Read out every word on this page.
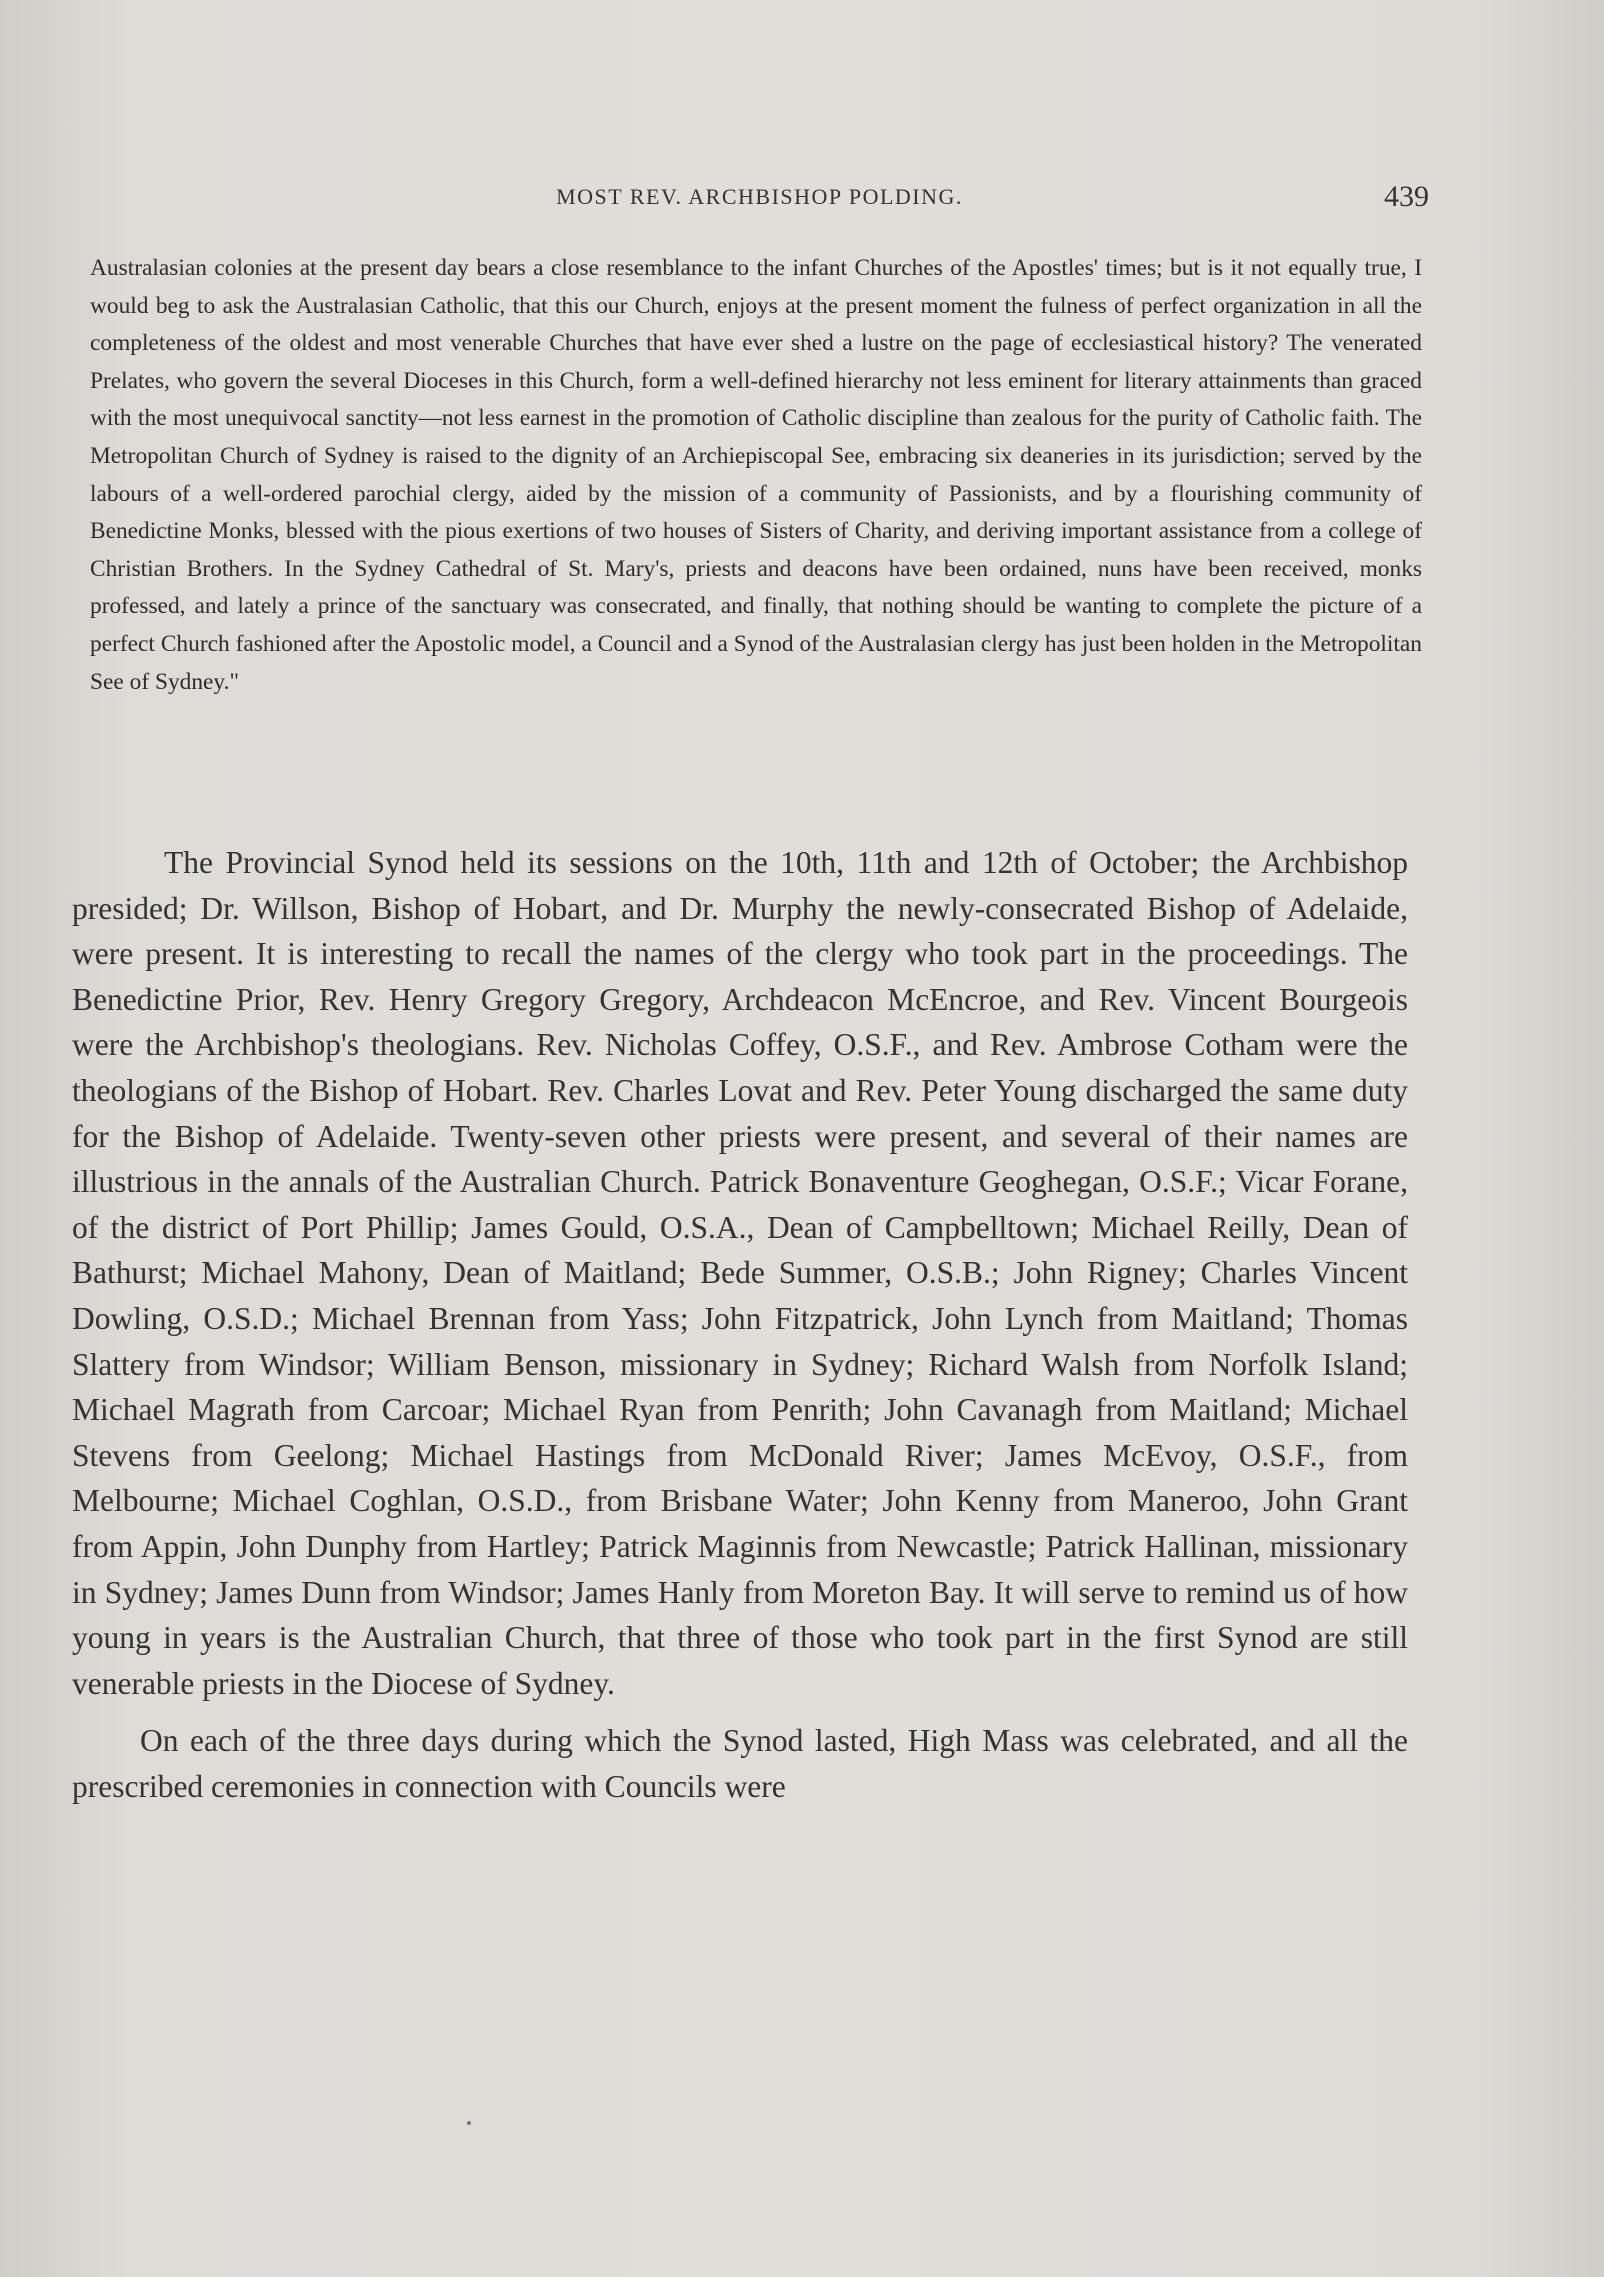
MOST REV. ARCHBISHOP POLDING.	439

Australasian colonies at the present day bears a close resemblance to the infant Churches of the Apostles' times; but is it not equally true, I would beg to ask the Australasian Catholic, that this our Church, enjoys at the present moment the fulness of perfect organization in all the completeness of the oldest and most venerable Churches that have ever shed a lustre on the page of ecclesiastical history? The venerated Prelates, who govern the several Dioceses in this Church, form a well-defined hierarchy not less eminent for literary attainments than graced with the most unequivocal sanctity—not less earnest in the promotion of Catholic discipline than zealous for the purity of Catholic faith. The Metropolitan Church of Sydney is raised to the dignity of an Archiepiscopal See, embracing six deaneries in its jurisdiction; served by the labours of a well-ordered parochial clergy, aided by the mission of a community of Passionists, and by a flourishing community of Benedictine Monks, blessed with the pious exertions of two houses of Sisters of Charity, and deriving important assistance from a college of Christian Brothers. In the Sydney Cathedral of St. Mary's, priests and deacons have been ordained, nuns have been received, monks professed, and lately a prince of the sanctuary was consecrated, and finally, that nothing should be wanting to complete the picture of a perfect Church fashioned after the Apostolic model, a Council and a Synod of the Australasian clergy has just been holden in the Metropolitan See of Sydney."

The Provincial Synod held its sessions on the 10th, 11th and 12th of October; the Archbishop presided; Dr. Willson, Bishop of Hobart, and Dr. Murphy the newly-consecrated Bishop of Adelaide, were present. It is interesting to recall the names of the clergy who took part in the proceedings. The Benedictine Prior, Rev. Henry Gregory Gregory, Archdeacon McEncroe, and Rev. Vincent Bourgeois were the Archbishop's theologians. Rev. Nicholas Coffey, O.S.F., and Rev. Ambrose Cotham were the theologians of the Bishop of Hobart. Rev. Charles Lovat and Rev. Peter Young discharged the same duty for the Bishop of Adelaide. Twenty-seven other priests were present, and several of their names are illustrious in the annals of the Australian Church. Patrick Bonaventure Geoghegan, O.S.F.; Vicar Forane, of the district of Port Phillip; James Gould, O.S.A., Dean of Campbelltown; Michael Reilly, Dean of Bathurst; Michael Mahony, Dean of Maitland; Bede Summer, O.S.B.; John Rigney; Charles Vincent Dowling, O.S.D.; Michael Brennan from Yass; John Fitzpatrick, John Lynch from Maitland; Thomas Slattery from Windsor; William Benson, missionary in Sydney; Richard Walsh from Norfolk Island; Michael Magrath from Carcoar; Michael Ryan from Penrith; John Cavanagh from Maitland; Michael Stevens from Geelong; Michael Hastings from McDonald River; James McEvoy, O.S.F., from Melbourne; Michael Coghlan, O.S.D., from Brisbane Water; John Kenny from Maneroo, John Grant from Appin, John Dunphy from Hartley; Patrick Maginnis from Newcastle; Patrick Hallinan, missionary in Sydney; James Dunn from Windsor; James Hanly from Moreton Bay. It will serve to remind us of how young in years is the Australian Church, that three of those who took part in the first Synod are still venerable priests in the Diocese of Sydney.

On each of the three days during which the Synod lasted, High Mass was celebrated, and all the prescribed ceremonies in connection with Councils were
